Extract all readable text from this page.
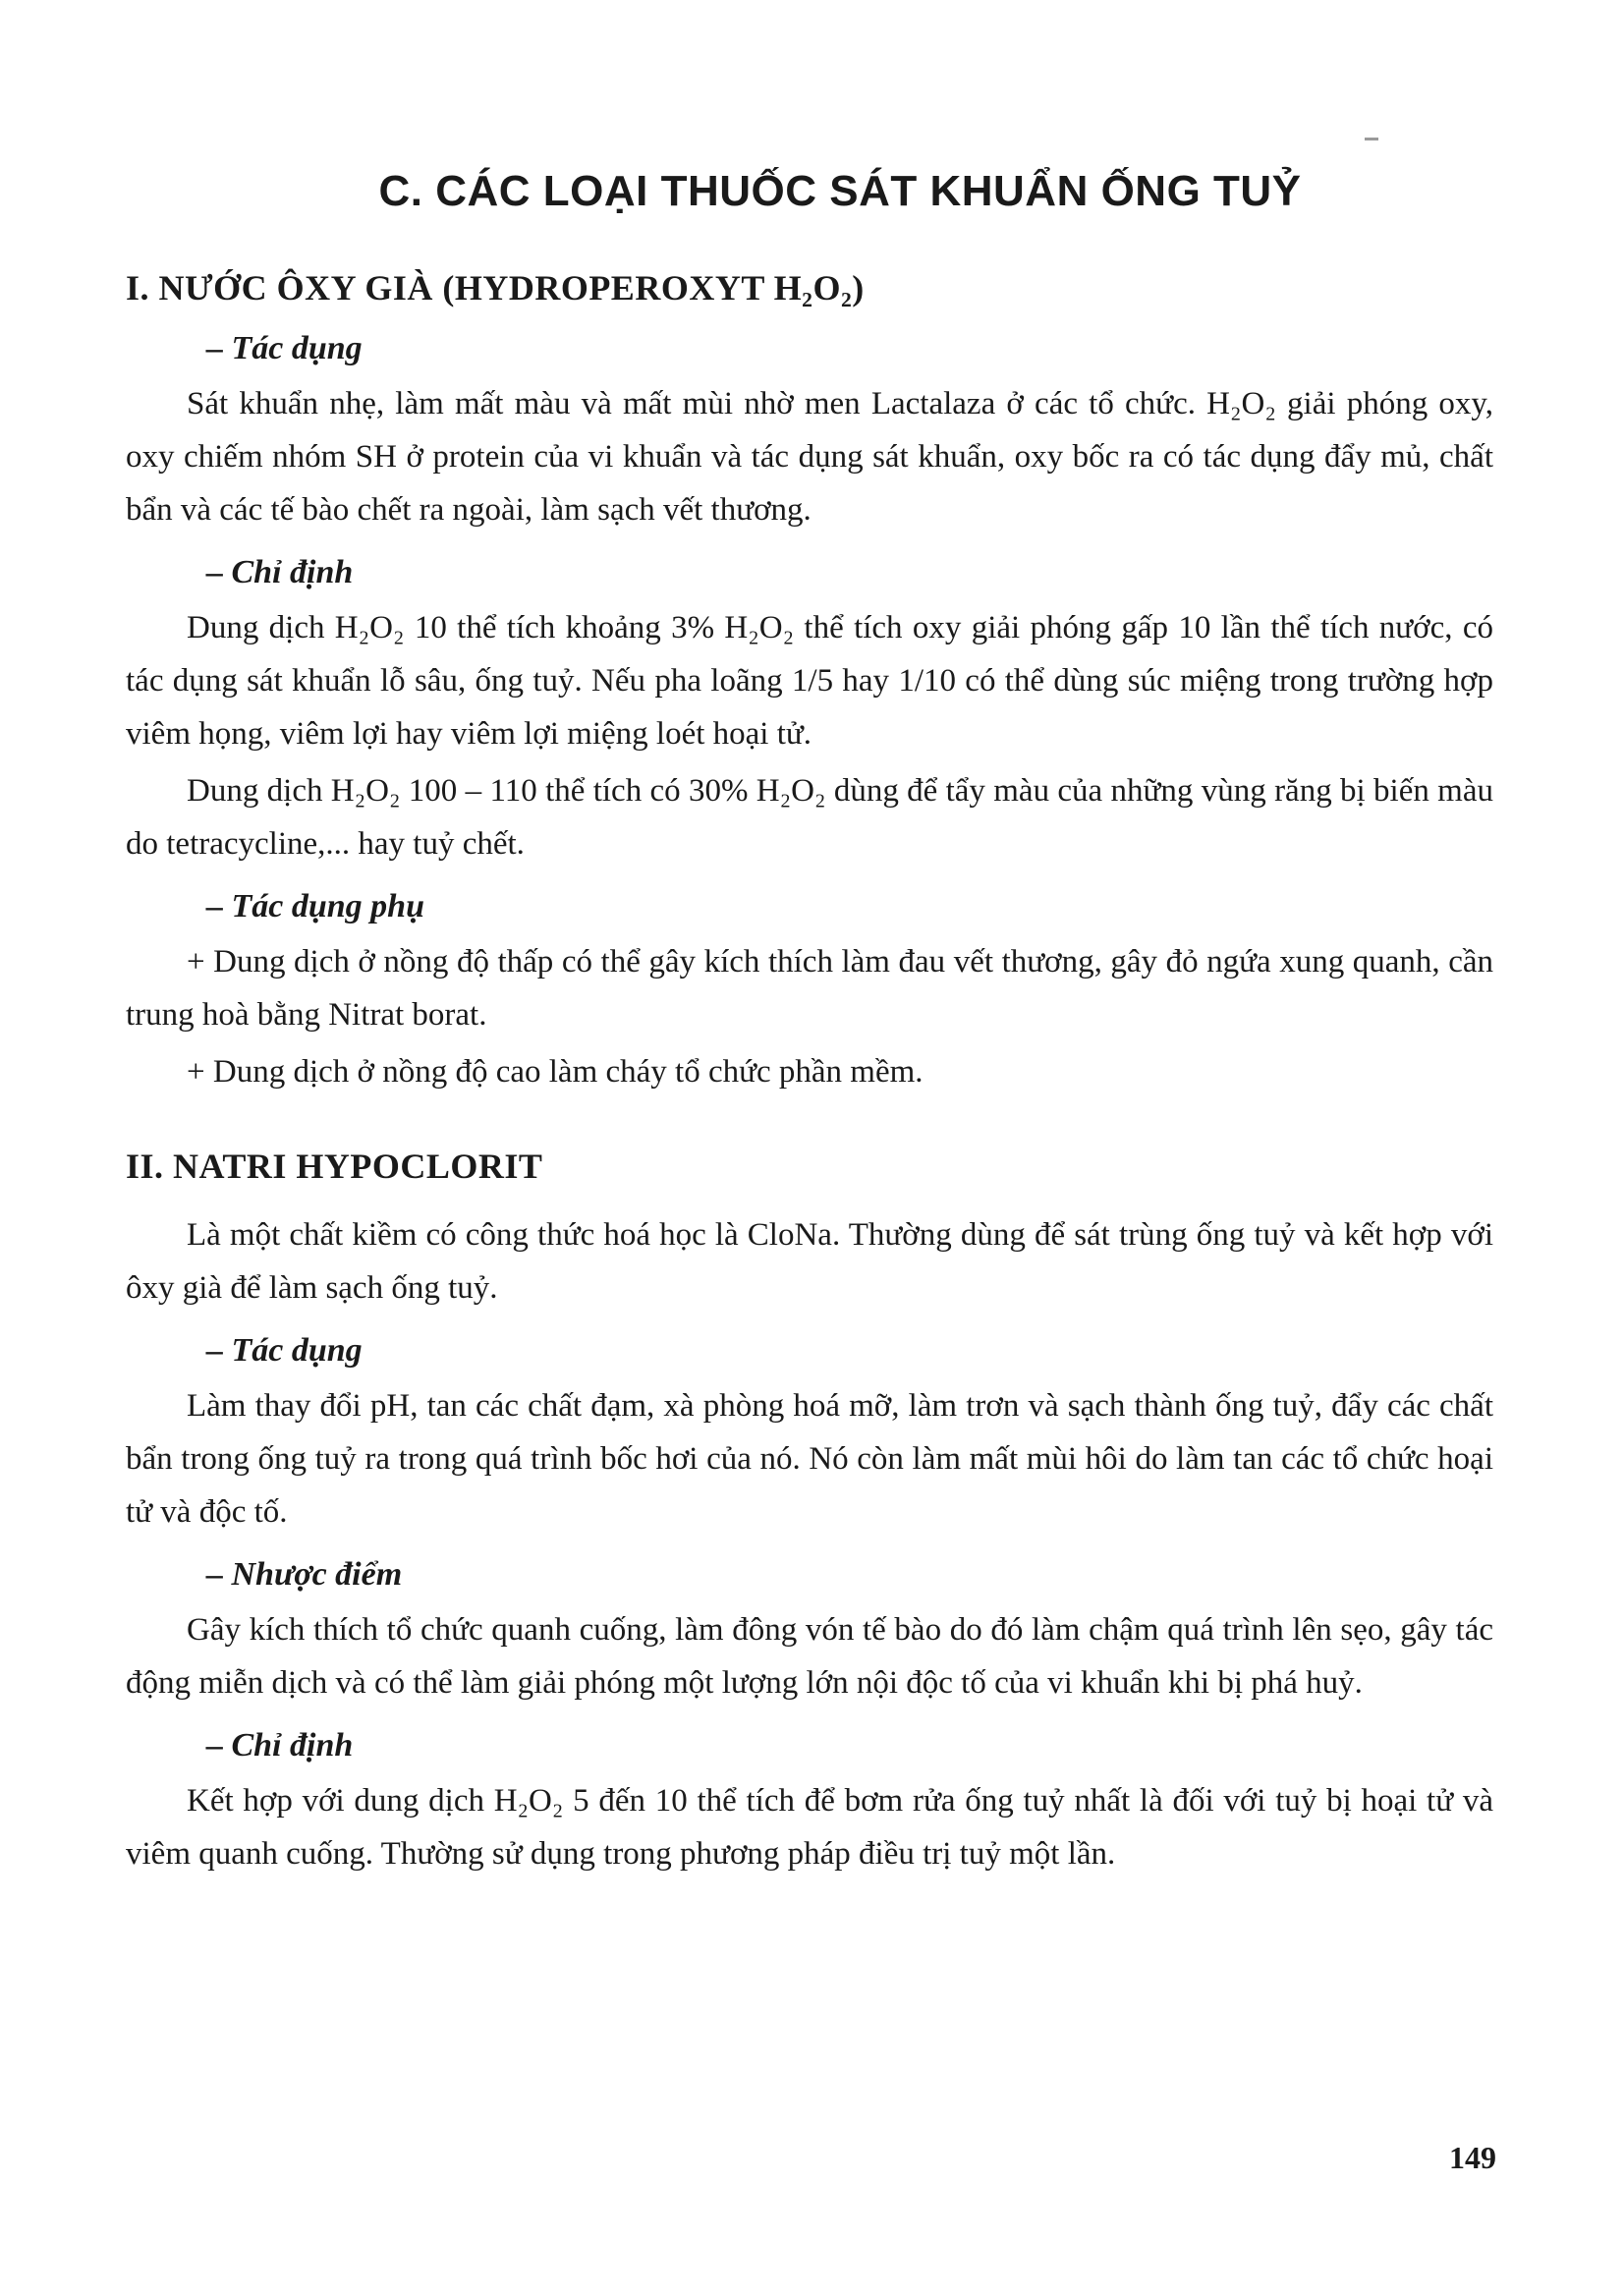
C. CÁC LOẠI THUỐC SÁT KHUẨN ỐNG TUỶ
I. NƯỚC ÔXY GIÀ (HYDROPEROXYT H₂O₂)
– Tác dụng

Sát khuẩn nhẹ, làm mất màu và mất mùi nhờ men Lactalaza ở các tổ chức. H₂O₂ giải phóng oxy, oxy chiếm nhóm SH ở protein của vi khuẩn và tác dụng sát khuẩn, oxy bốc ra có tác dụng đẩy mủ, chất bẩn và các tế bào chết ra ngoài, làm sạch vết thương.

– Chỉ định

Dung dịch H₂O₂ 10 thể tích khoảng 3% H₂O₂ thể tích oxy giải phóng gấp 10 lần thể tích nước, có tác dụng sát khuẩn lỗ sâu, ống tuỷ. Nếu pha loãng 1/5 hay 1/10 có thể dùng súc miệng trong trường hợp viêm họng, viêm lợi hay viêm lợi miệng loét hoại tử.

Dung dịch H₂O₂ 100 – 110 thể tích có 30% H₂O₂ dùng để tẩy màu của những vùng răng bị biến màu do tetracycline,... hay tuỷ chết.

– Tác dụng phụ

+ Dung dịch ở nồng độ thấp có thể gây kích thích làm đau vết thương, gây đỏ ngứa xung quanh, cần trung hoà bằng Nitrat borat.

+ Dung dịch ở nồng độ cao làm cháy tổ chức phần mềm.

II. NATRI HYPOCLORIT

Là một chất kiềm có công thức hoá học là CloNa. Thường dùng để sát trùng ống tuỷ và kết hợp với ôxy già để làm sạch ống tuỷ.

– Tác dụng

Làm thay đổi pH, tan các chất đạm, xà phòng hoá mỡ, làm trơn và sạch thành ống tuỷ, đẩy các chất bẩn trong ống tuỷ ra trong quá trình bốc hơi của nó. Nó còn làm mất mùi hôi do làm tan các tổ chức hoại tử và độc tố.

– Nhược điểm

Gây kích thích tổ chức quanh cuống, làm đông vón tế bào do đó làm chậm quá trình lên sẹo, gây tác động miễn dịch và có thể làm giải phóng một lượng lớn nội độc tố của vi khuẩn khi bị phá huỷ.

– Chỉ định

Kết hợp với dung dịch H₂O₂ 5 đến 10 thể tích để bơm rửa ống tuỷ nhất là đối với tuỷ bị hoại tử và viêm quanh cuống. Thường sử dụng trong phương pháp điều trị tuỷ một lần.

149
